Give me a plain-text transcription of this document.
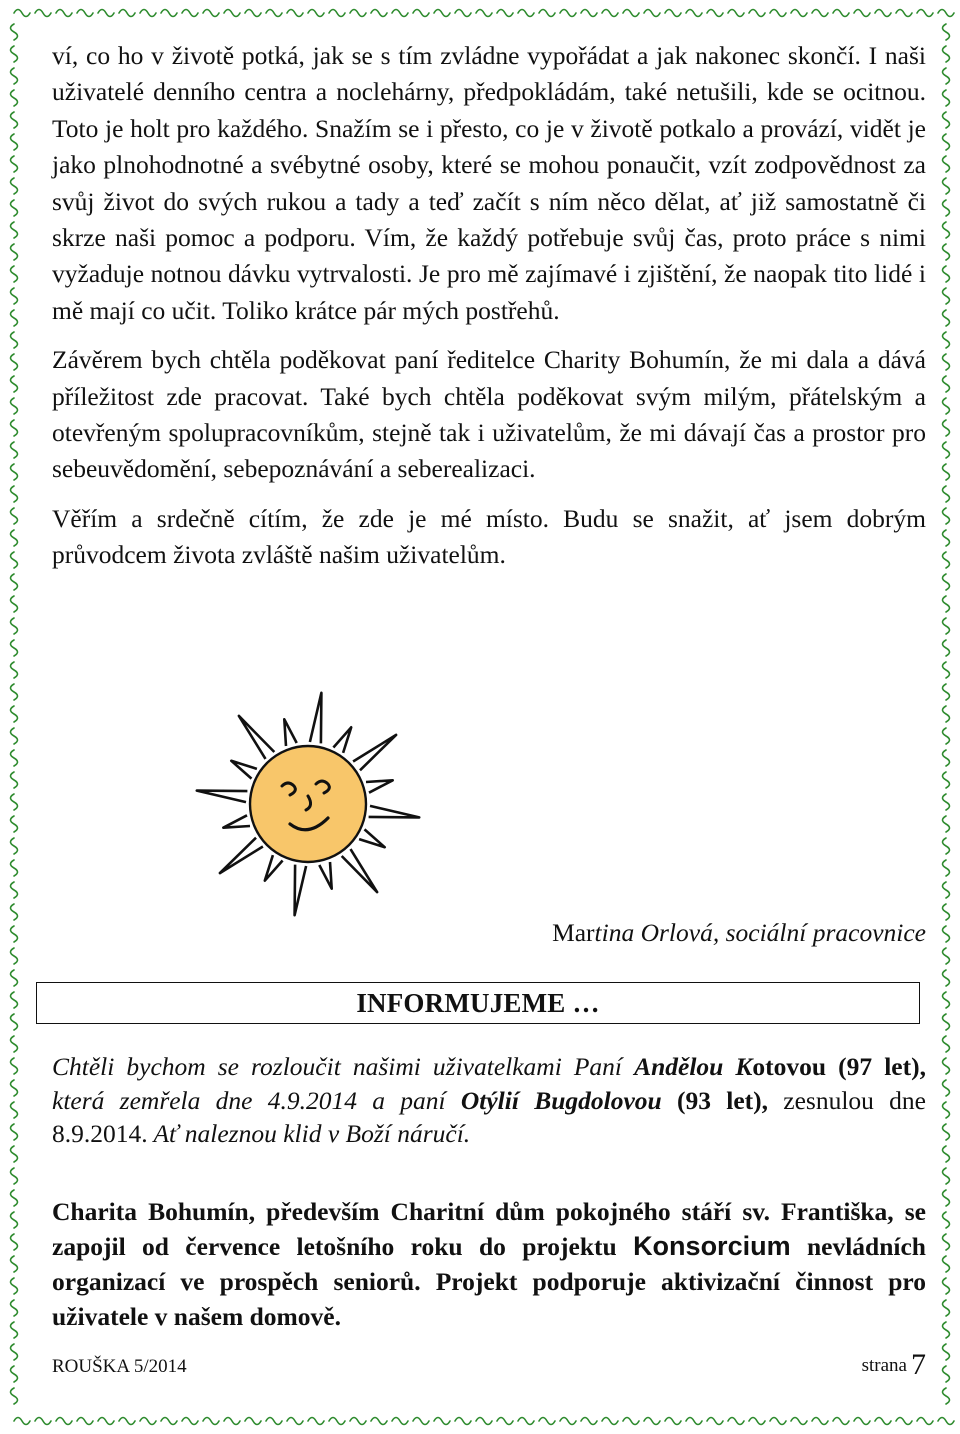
ví, co ho v životě potká, jak se s tím zvládne vypořádat a jak nakonec skončí. I naši uživatelé denního centra a noclehárny, předpokládám, také netušili, kde se ocitnou. Toto je holt pro každého. Snažím se i přesto, co je v životě potkalo a provází, vidět je jako plnohodnotné a svébytné osoby, které se mohou ponaučit, vzít zodpovědnost za svůj život do svých rukou a tady a teď začít s ním něco dělat, ať již samostatně či skrze naši pomoc a podporu. Vím, že každý potřebuje svůj čas, proto práce s nimi vyžaduje notnou dávku vytrvalosti. Je pro mě zajímavé i zjištění, že naopak tito lidé i mě mají co učit. Toliko krátce pár mých postřehů.

Závěrem bych chtěla poděkovat paní ředitelce Charity Bohumín, že mi dala a dává příležitost zde pracovat. Také bych chtěla poděkovat svým milým, přátelským a otevřeným spolupracovníkům, stejně tak i uživatelům, že mi dávají čas a prostor pro sebeuvědomění, sebepoznávání a seberealizaci.

Věřím a srdečně cítím, že zde je mé místo. Budu se snažit, ať jsem dobrým průvodcem života zvláště našim uživatelům.

Martina Orlová, sociální pracovnice
INFORMUJEME …
Chtěli bychom se rozloučit našimi uživatelkami Paní Andělou Kotovou (97 let), která zemřela dne 4.9.2014 a paní Otýlií Bugdolovou (93 let), zesnulou dne 8.9.2014. Ať naleznou klid v Boží náručí.
Charita Bohumín, především Charitní dům pokojného stáří sv. Františka, se zapojil od července letošního roku do projektu Konsorcium nevládních organizací ve prospěch seniorů. Projekt podporuje aktivizační činnost pro uživatele v našem domově.
ROUŠKA 5/2014	strana 7
